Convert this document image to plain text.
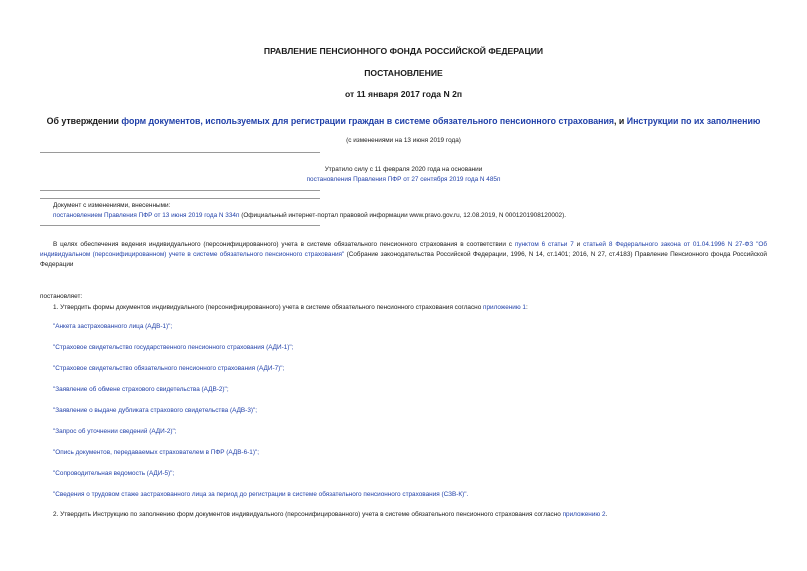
ПРАВЛЕНИЕ ПЕНСИОННОГО ФОНДА РОССИЙСКОЙ ФЕДЕРАЦИИ
ПОСТАНОВЛЕНИЕ
от 11 января 2017 года N 2п
Об утверждении форм документов, используемых для регистрации граждан в системе обязательного пенсионного страхования, и Инструкции по их заполнению
(с изменениями на 13 июня 2019 года)
Утратило силу с 11 февраля 2020 года на основании
постановления Правления ПФР от 27 сентября 2019 года N 485п
Документ с изменениями, внесенными:
постановлением Правления ПФР от 13 июня 2019 года N 334п (Официальный интернет-портал правовой информации www.pravo.gov.ru, 12.08.2019, N 0001201908120002).
В целях обеспечения ведения индивидуального (персонифицированного) учета в системе обязательного пенсионного страхования в соответствии с пунктом 6 статьи 7 и статьей 8 Федерального закона от 01.04.1996 N 27-ФЗ "Об индивидуальном (персонифицированном) учете в системе обязательного пенсионного страхования" (Собрание законодательства Российской Федерации, 1996, N 14, ст.1401; 2016, N 27, ст.4183) Правление Пенсионного фонда Российской Федерации
постановляет:
1. Утвердить формы документов индивидуального (персонифицированного) учета в системе обязательного пенсионного страхования согласно приложению 1:
"Анкета застрахованного лица (АДВ-1)";
"Страховое свидетельство государственного пенсионного страхования (АДИ-1)";
"Страховое свидетельство обязательного пенсионного страхования (АДИ-7)";
"Заявление об обмене страхового свидетельства (АДВ-2)";
"Заявление о выдаче дубликата страхового свидетельства (АДВ-3)";
"Запрос об уточнении сведений (АДИ-2)";
"Опись документов, передаваемых страхователем в ПФР (АДВ-6-1)";
"Сопроводительная ведомость (АДИ-5)";
"Сведения о трудовом стаже застрахованного лица за период до регистрации в системе обязательного пенсионного страхования (СЗВ-К)".
2. Утвердить Инструкцию по заполнению форм документов индивидуального (персонифицированного) учета в системе обязательного пенсионного страхования согласно приложению 2.
